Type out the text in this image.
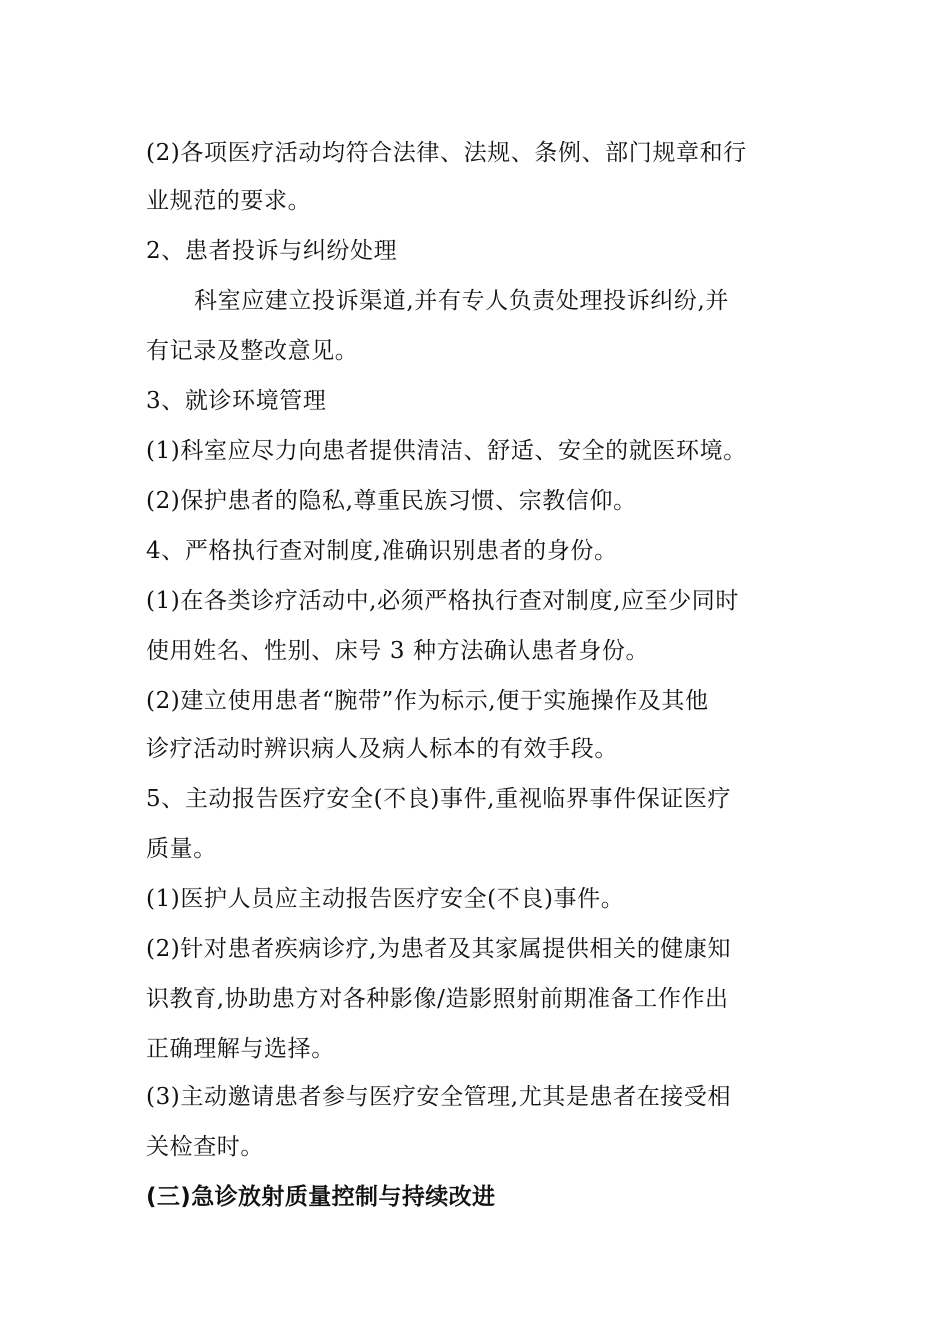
(2)各项医疗活动均符合法律、法规、条例、部门规章和行
业规范的要求。
2、患者投诉与纠纷处理
科室应建立投诉渠道,并有专人负责处理投诉纠纷,并
有记录及整改意见。
3、就诊环境管理
(1)科室应尽力向患者提供清洁、舒适、安全的就医环境。
(2)保护患者的隐私,尊重民族习惯、宗教信仰。
4、严格执行查对制度,准确识别患者的身份。
(1)在各类诊疗活动中,必须严格执行查对制度,应至少同时
使用姓名、性别、床号 3 种方法确认患者身份。
(2)建立使用患者“腕带”作为标示,便于实施操作及其他
诊疗活动时辨识病人及病人标本的有效手段。
5、主动报告医疗安全(不良)事件,重视临界事件保证医疗
质量。
(1)医护人员应主动报告医疗安全(不良)事件。
(2)针对患者疾病诊疗,为患者及其家属提供相关的健康知
识教育,协助患方对各种影像/造影照射前期准备工作作出
正确理解与选择。
(3)主动邀请患者参与医疗安全管理,尤其是患者在接受相
关检查时。
(三)急诊放射质量控制与持续改进
